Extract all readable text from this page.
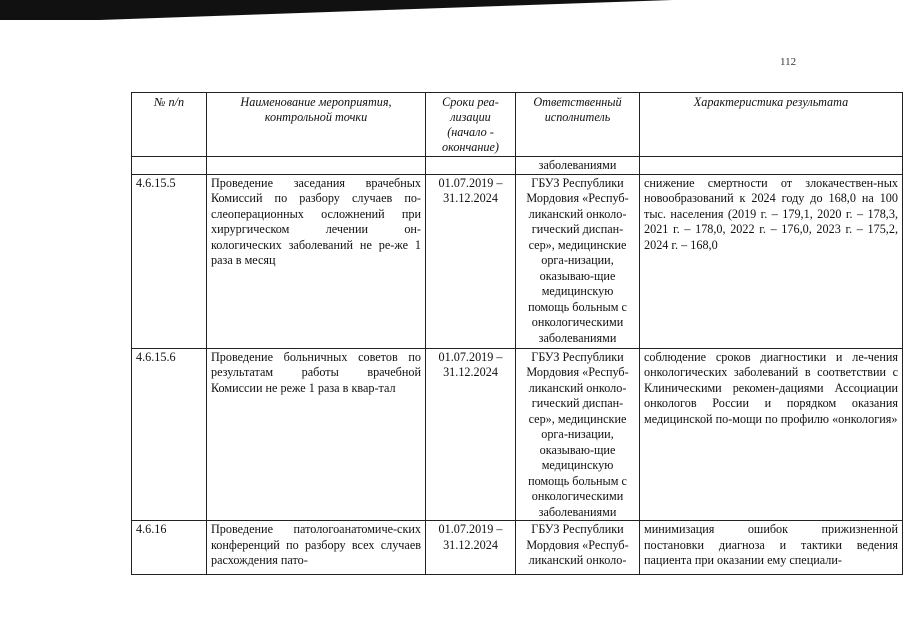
112
№ п/п	Наименование мероприятия, контрольной точки	Сроки реа-лизации (начало - окончание)	Ответственный исполнитель	Характеристика результата
			заболеваниями	
4.6.15.5	Проведение заседания врачебных Комиссий по разбору случаев по-слеоперационных осложнений при хирургическом лечении он-кологических заболеваний не ре-же 1 раза в месяц	01.07.2019 – 31.12.2024	ГБУЗ Республики Мордовия «Респуб-ликанский онколо-гический диспан-сер», медицинские орга-низации, оказываю-щие медицинскую помощь больным с онкологическими заболеваниями	снижение смертности от злокачествен-ных новообразований к 2024 году до 168,0 на 100 тыс. населения (2019 г. – 179,1, 2020 г. – 178,3, 2021 г. – 178,0, 2022 г. – 176,0, 2023 г. – 175,2, 2024 г. – 168,0
4.6.15.6	Проведение больничных советов по результатам работы врачебной Комиссии не реже 1 раза в квар-тал	01.07.2019 – 31.12.2024	ГБУЗ Республики Мордовия «Респуб-ликанский онколо-гический диспан-сер», медицинские орга-низации, оказываю-щие медицинскую помощь больным с онкологическими заболеваниями	соблюдение сроков диагностики и ле-чения онкологических заболеваний в соответствии с Клиническими рекомен-дациями Ассоциации онкологов России и порядком оказания медицинской по-мощи по профилю «онкология»
4.6.16	Проведение патологоанатомиче-ских конференций по разбору всех случаев расхождения пато-	01.07.2019 – 31.12.2024	ГБУЗ Республики Мордовия «Респуб-ликанский онколо-	минимизация ошибок прижизненной постановки диагноза и тактики ведения пациента при оказании ему специали-
